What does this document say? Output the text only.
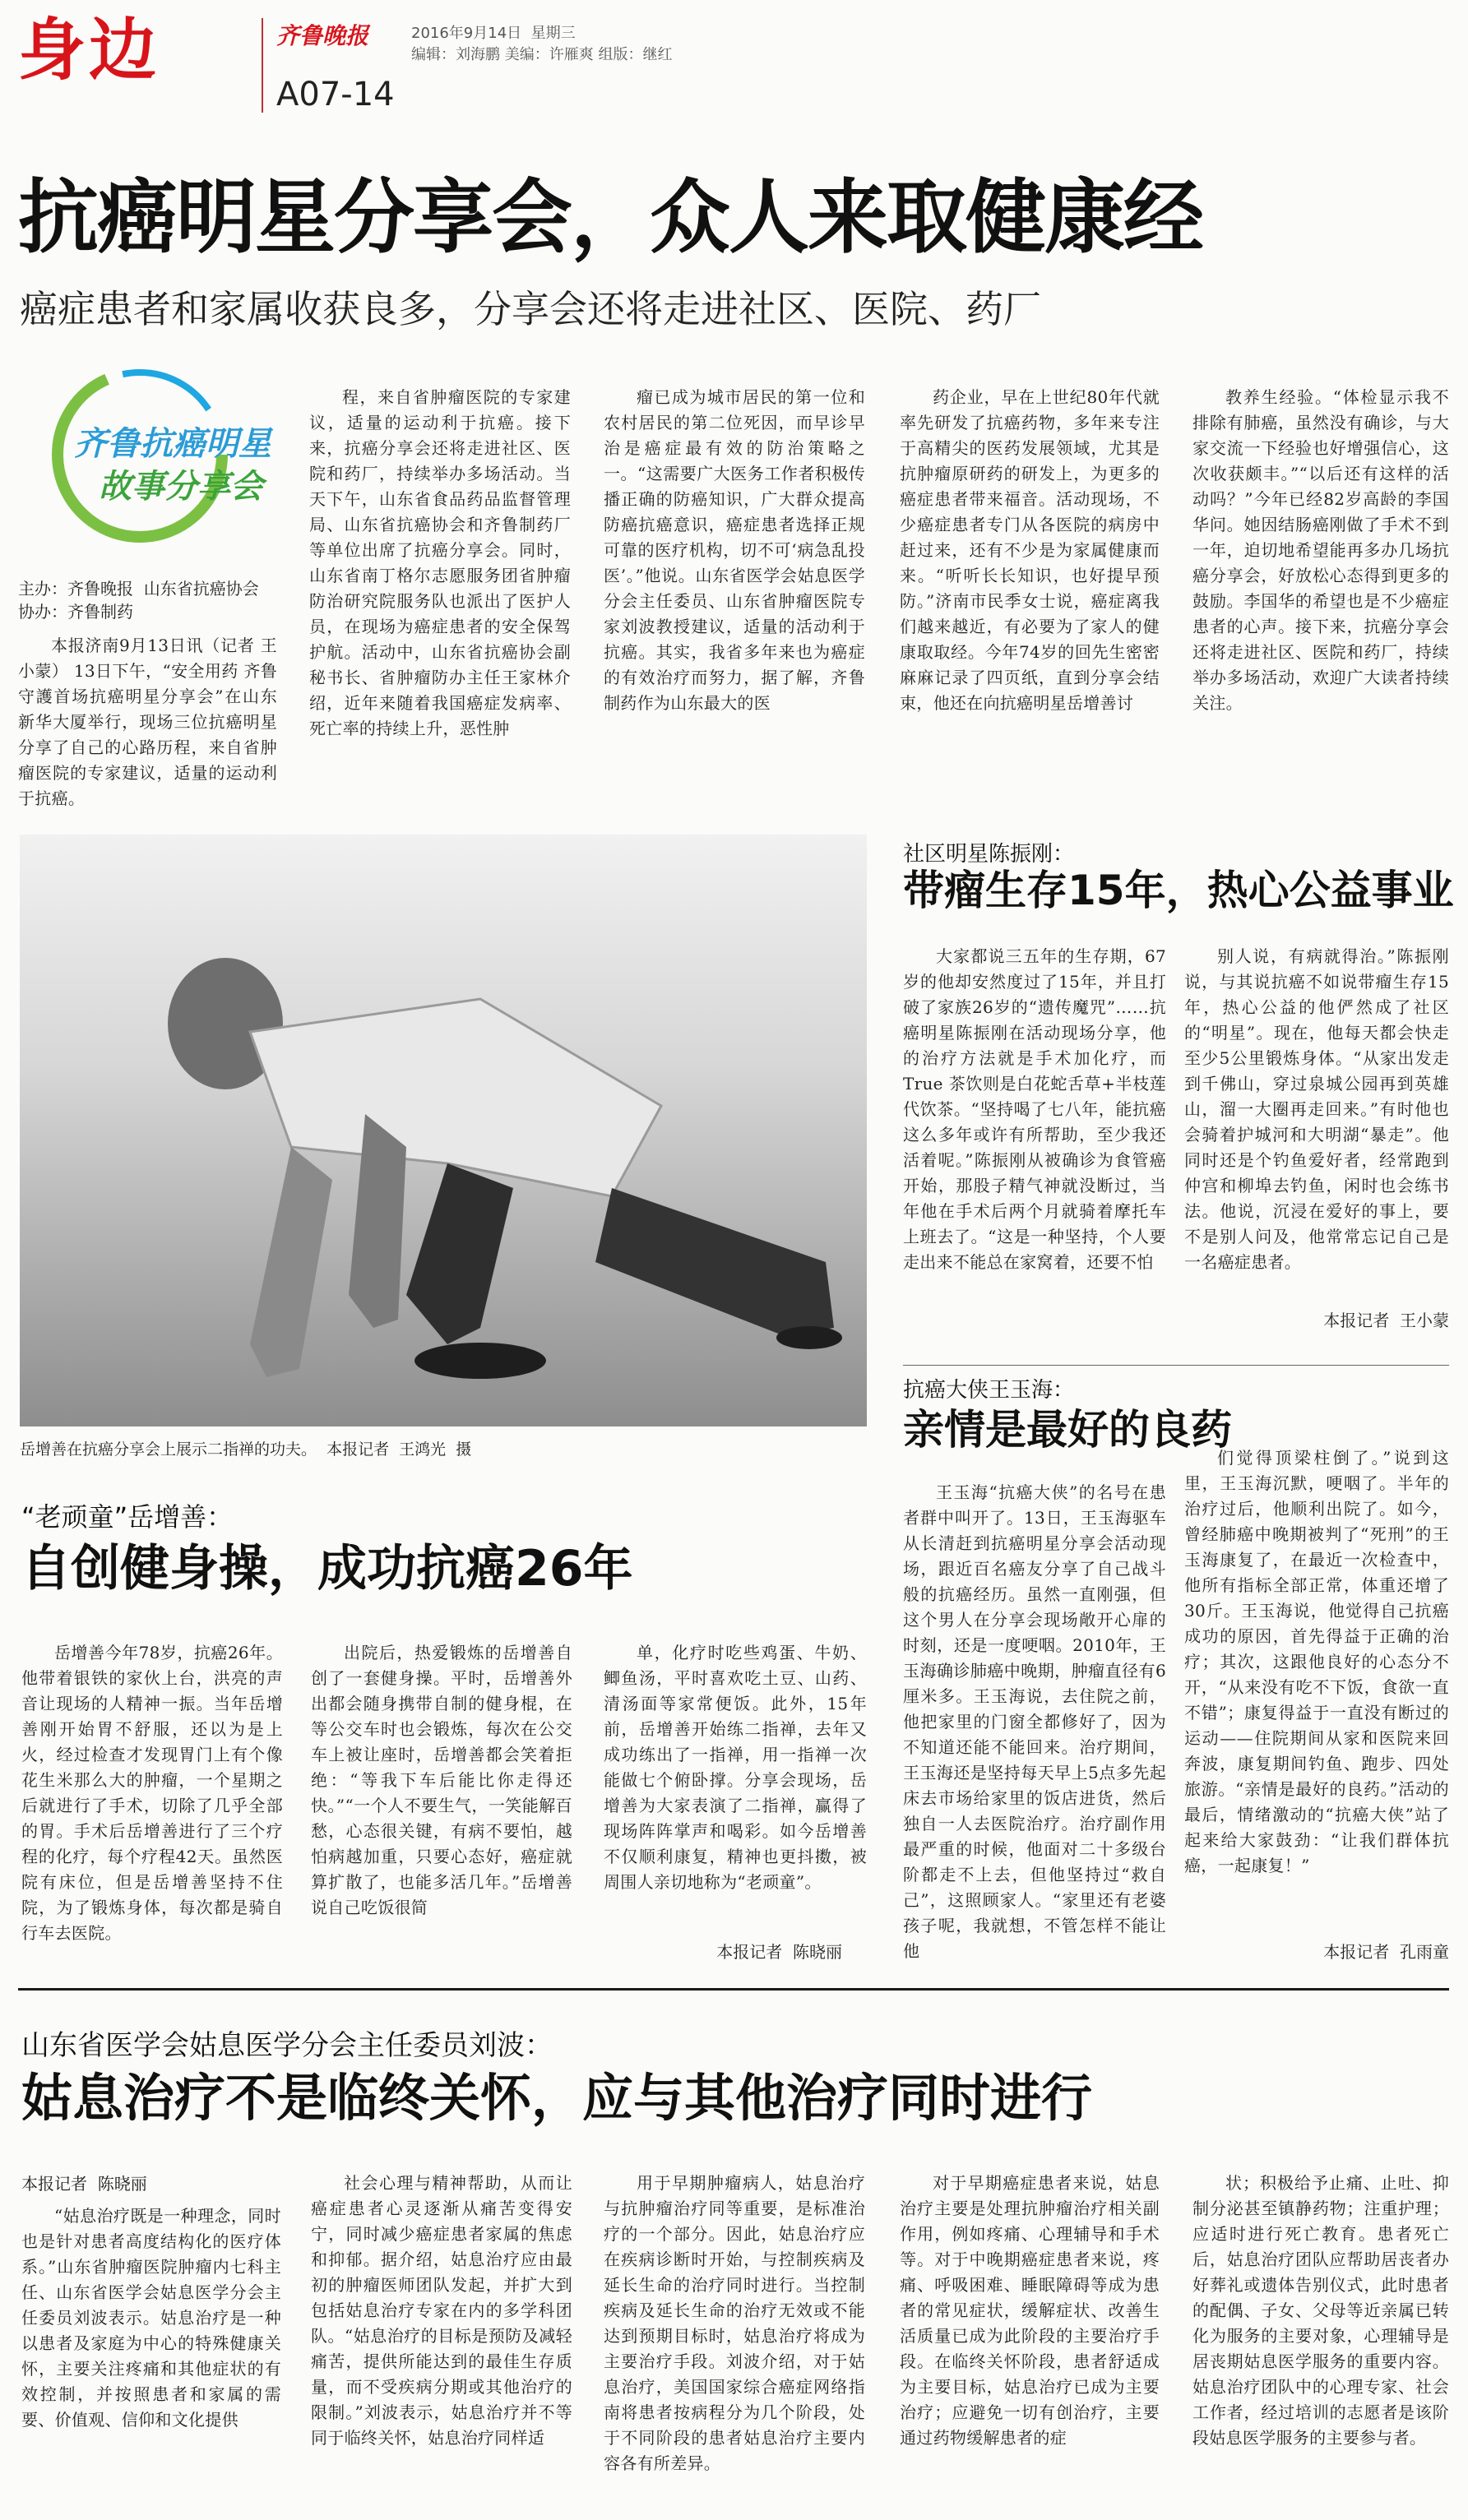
身边	齐鲁晚报	2016年9月14日  星期三
编辑：刘海鹏 美编：许雁爽 组版：继红
A07-14
抗癌明星分享会，众人来取健康经
癌症患者和家属收获良多，分享会还将走进社区、医院、药厂
齐鲁抗癌明星
故事分享会
主办：齐鲁晚报  山东省抗癌协会
协办：齐鲁制药

本报济南9月13日讯（记者 王小蒙） 13日下午，“安全用药 齐鲁守護首场抗癌明星分享会”在山东新华大厦举行，现场三位抗癌明星分享了自己的心路历程，来自省肿瘤医院的专家建议，适量的运动利于抗癌。

程，来自省肿瘤医院的专家建议，适量的运动利于抗癌。接下来，抗癌分享会还将走进社区、医院和药厂，持续举办多场活动。当天下午，山东省食品药品监督管理局、山东省抗癌协会和齐鲁制药厂等单位出席了抗癌分享会。同时，山东省南丁格尔志愿服务团省肿瘤防治研究院服务队也派出了医护人员，在现场为癌症患者的安全保驾护航。活动中，山东省抗癌协会副秘书长、省肿瘤防办主任王家林介绍，近年来随着我国癌症发病率、死亡率的持续上升，恶性肿

瘤已成为城市居民的第一位和农村居民的第二位死因，而早诊早治是癌症最有效的防治策略之一。“这需要广大医务工作者积极传播正确的防癌知识，广大群众提高防癌抗癌意识，癌症患者选择正规可靠的医疗机构，切不可‘病急乱投医’。”他说。山东省医学会姑息医学分会主任委员、山东省肿瘤医院专家刘波教授建议，适量的活动利于抗癌。其实，我省多年来也为癌症的有效治疗而努力，据了解，齐鲁制药作为山东最大的医

药企业，早在上世纪80年代就率先研发了抗癌药物，多年来专注于高精尖的医药发展领域，尤其是抗肿瘤原研药的研发上，为更多的癌症患者带来福音。活动现场，不少癌症患者专门从各医院的病房中赶过来，还有不少是为家属健康而来。“听听长长知识，也好提早预防。”济南市民季女士说，癌症离我们越来越近，有必要为了家人的健康取取经。今年74岁的回先生密密麻麻记录了四页纸，直到分享会结束，他还在向抗癌明星岳增善讨

教养生经验。“体检显示我不排除有肺癌，虽然没有确诊，与大家交流一下经验也好增强信心，这次收获颇丰。”“以后还有这样的活动吗？”今年已经82岁高龄的李国华问。她因结肠癌刚做了手术不到一年，迫切地希望能再多办几场抗癌分享会，好放松心态得到更多的鼓励。李国华的希望也是不少癌症患者的心声。接下来，抗癌分享会还将走进社区、医院和药厂，持续举办多场活动，欢迎广大读者持续关注。

岳增善在抗癌分享会上展示二指禅的功夫。  本报记者  王鸿光  摄
社区明星陈振刚：
带瘤生存15年，热心公益事业

大家都说三五年的生存期，67岁的他却安然度过了15年，并且打破了家族26岁的“遗传魔咒”……抗癌明星陈振刚在活动现场分享，他的治疗方法就是手术加化疗，而True 茶饮则是白花蛇舌草+半枝莲代饮茶。“坚持喝了七八年，能抗癌这么多年或许有所帮助，至少我还活着呢。”陈振刚从被确诊为食管癌开始，那股子精气神就没断过，当年他在手术后两个月就骑着摩托车上班去了。“这是一种坚持，个人要走出来不能总在家窝着，还要不怕

别人说，有病就得治。”陈振刚说，与其说抗癌不如说带瘤生存15年，热心公益的他俨然成了社区的“明星”。现在，他每天都会快走至少5公里锻炼身体。“从家出发走到千佛山，穿过泉城公园再到英雄山，溜一大圈再走回来。”有时他也会骑着护城河和大明湖“暴走”。他同时还是个钓鱼爱好者，经常跑到仲宫和柳埠去钓鱼，闲时也会练书法。他说，沉浸在爱好的事上，要不是别人问及，他常常忘记自己是一名癌症患者。

本报记者  王小蒙
抗癌大侠王玉海：
亲情是最好的良药

王玉海“抗癌大侠”的名号在患者群中叫开了。13日，王玉海驱车从长清赶到抗癌明星分享会活动现场，跟近百名癌友分享了自己战斗般的抗癌经历。虽然一直刚强，但这个男人在分享会现场敞开心扉的时刻，还是一度哽咽。2010年，王玉海确诊肺癌中晚期，肿瘤直径有6厘米多。王玉海说，去住院之前，他把家里的门窗全都修好了，因为不知道还能不能回来。治疗期间，王玉海还是坚持每天早上5点多先起床去市场给家里的饭店进货，然后独自一人去医院治疗。治疗副作用最严重的时候，他面对二十多级台阶都走不上去，但他坚持过“救自己”，这照顾家人。“家里还有老婆孩子呢，我就想，不管怎样不能让他

们觉得顶梁柱倒了。”说到这里，王玉海沉默，哽咽了。半年的治疗过后，他顺利出院了。如今，曾经肺癌中晚期被判了“死刑”的王玉海康复了，在最近一次检查中，他所有指标全部正常，体重还增了30斤。王玉海说，他觉得自己抗癌成功的原因，首先得益于正确的治疗；其次，这跟他良好的心态分不开，“从来没有吃不下饭，食欲一直不错”；康复得益于一直没有断过的运动——住院期间从家和医院来回奔波，康复期间钓鱼、跑步、四处旅游。“亲情是最好的良药。”活动的最后，情绪激动的“抗癌大侠”站了起来给大家鼓劲：“让我们群体抗癌，一起康复！”

本报记者  孔雨童
“老顽童”岳增善：
自创健身操，成功抗癌26年

岳增善今年78岁，抗癌26年。他带着银铁的家伙上台，洪亮的声音让现场的人精神一振。当年岳增善刚开始胃不舒服，还以为是上火，经过检查才发现胃门上有个像花生米那么大的肿瘤，一个星期之后就进行了手术，切除了几乎全部的胃。手术后岳增善进行了三个疗程的化疗，每个疗程42天。虽然医院有床位，但是岳增善坚持不住院，为了锻炼身体，每次都是骑自行车去医院。

出院后，热爱锻炼的岳增善自创了一套健身操。平时，岳增善外出都会随身携带自制的健身棍，在等公交车时也会锻炼，每次在公交车上被让座时，岳增善都会笑着拒绝：“等我下车后能比你走得还快。”“一个人不要生气，一笑能解百愁，心态很关键，有病不要怕，越怕病越加重，只要心态好，癌症就算扩散了，也能多活几年。”岳增善说自己吃饭很简

单，化疗时吃些鸡蛋、牛奶、鲫鱼汤，平时喜欢吃土豆、山药、清汤面等家常便饭。此外，15年前，岳增善开始练二指禅，去年又成功练出了一指禅，用一指禅一次能做七个俯卧撑。分享会现场，岳增善为大家表演了二指禅，赢得了现场阵阵掌声和喝彩。如今岳增善不仅顺利康复，精神也更抖擞，被周围人亲切地称为“老顽童”。

本报记者  陈晓丽
山东省医学会姑息医学分会主任委员刘波：
姑息治疗不是临终关怀，应与其他治疗同时进行
本报记者  陈晓丽

“姑息治疗既是一种理念，同时也是针对患者高度结构化的医疗体系。”山东省肿瘤医院肿瘤内七科主任、山东省医学会姑息医学分会主任委员刘波表示。姑息治疗是一种以患者及家庭为中心的特殊健康关怀，主要关注疼痛和其他症状的有效控制，并按照患者和家属的需要、价值观、信仰和文化提供

社会心理与精神帮助，从而让癌症患者心灵逐渐从痛苦变得安宁，同时减少癌症患者家属的焦虑和抑郁。据介绍，姑息治疗应由最初的肿瘤医师团队发起，并扩大到包括姑息治疗专家在内的多学科团队。“姑息治疗的目标是预防及减轻痛苦，提供所能达到的最佳生存质量，而不受疾病分期或其他治疗的限制。”刘波表示，姑息治疗并不等同于临终关怀，姑息治疗同样适

用于早期肿瘤病人，姑息治疗与抗肿瘤治疗同等重要，是标准治疗的一个部分。因此，姑息治疗应在疾病诊断时开始，与控制疾病及延长生命的治疗同时进行。当控制疾病及延长生命的治疗无效或不能达到预期目标时，姑息治疗将成为主要治疗手段。刘波介绍，对于姑息治疗，美国国家综合癌症网络指南将患者按病程分为几个阶段，处于不同阶段的患者姑息治疗主要内容各有所差异。

对于早期癌症患者来说，姑息治疗主要是处理抗肿瘤治疗相关副作用，例如疼痛、心理辅导和手术等。对于中晚期癌症患者来说，疼痛、呼吸困难、睡眠障碍等成为患者的常见症状，缓解症状、改善生活质量已成为此阶段的主要治疗手段。在临终关怀阶段，患者舒适成为主要目标，姑息治疗已成为主要治疗；应避免一切有创治疗，主要通过药物缓解患者的症

状；积极给予止痛、止吐、抑制分泌甚至镇静药物；注重护理；应适时进行死亡教育。患者死亡后，姑息治疗团队应帮助居丧者办好葬礼或遗体告别仪式，此时患者的配偶、子女、父母等近亲属已转化为服务的主要对象，心理辅导是居丧期姑息医学服务的重要内容。姑息治疗团队中的心理专家、社会工作者，经过培训的志愿者是该阶段姑息医学服务的主要参与者。
